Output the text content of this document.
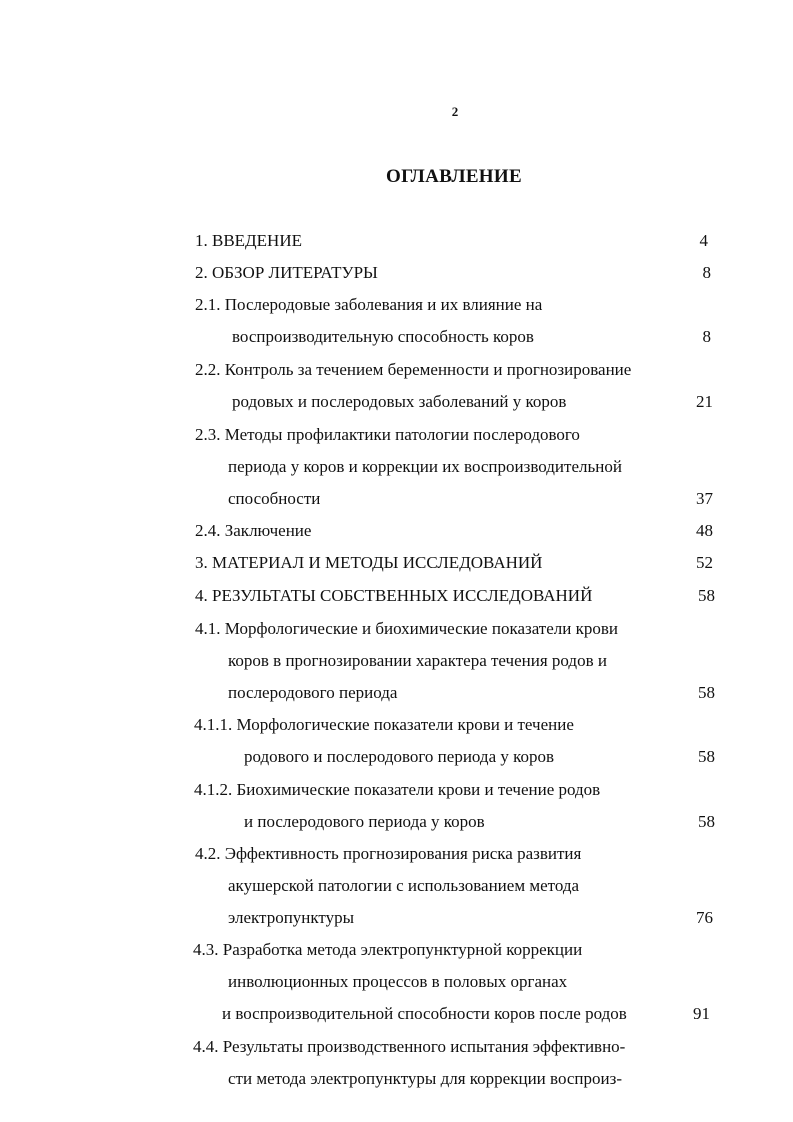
2
ОГЛАВЛЕНИЕ
1. ВВЕДЕНИЕ	4
2. ОБЗОР ЛИТЕРАТУРЫ	8
2.1. Послеродовые заболевания и их влияние на
воспроизводительную способность коров	8
2.2. Контроль за течением беременности и прогнозирование
родовых и послеродовых заболеваний у коров	21
2.3. Методы профилактики патологии послеродового
периода у коров и коррекции их воспроизводительной
способности	37
2.4. Заключение	48
3. МАТЕРИАЛ И МЕТОДЫ ИССЛЕДОВАНИЙ	52
4. РЕЗУЛЬТАТЫ СОБСТВЕННЫХ ИССЛЕДОВАНИЙ	58
4.1. Морфологические и биохимические показатели крови
коров в прогнозировании характера течения родов и
послеродового периода	58
4.1.1. Морфологические показатели крови и течение
родового и послеродового периода у коров	58
4.1.2. Биохимические показатели крови и течение родов
и послеродового периода у коров	58
4.2. Эффективность прогнозирования риска развития
акушерской патологии с использованием метода
электропунктуры	76
4.3. Разработка метода электропунктурной коррекции
инволюционных процессов в половых органах
и воспроизводительной способности коров после родов	91
4.4. Результаты производственного испытания эффективно-
сти метода электропунктуры для коррекции воспроиз-
